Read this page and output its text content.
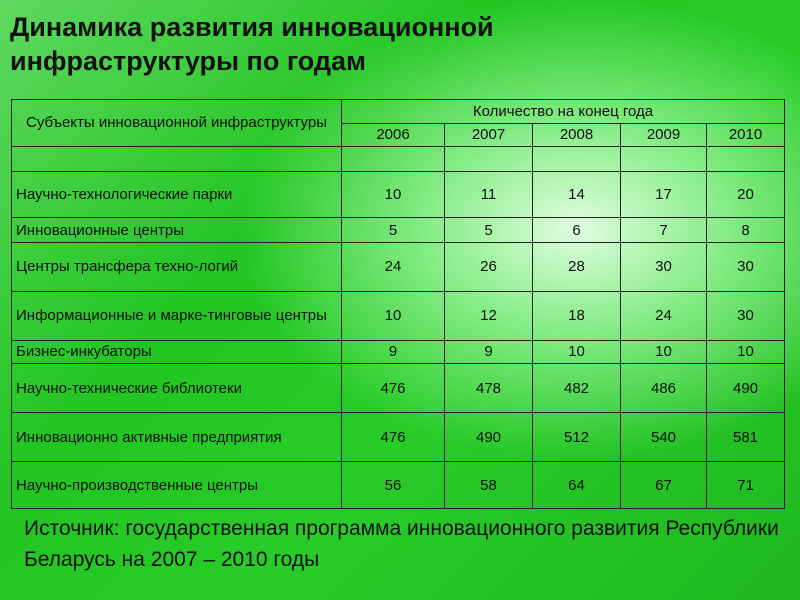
Динамика развития инновационной инфраструктуры по годам
Субъекты инновационной инфраструктуры	Количество на конец года				
	2006	2007	2008	2009	2010

Научно-технологические парки	10	11	14	17	20
Инновационные центры	5	5	6	7	8
Центры трансфера техно-логий	24	26	28	30	30
Информационные и марке-тинговые центры	10	12	18	24	30
Бизнес-инкубаторы	9	9	10	10	10
Научно-технические библиотеки	476	478	482	486	490
Инновационно активные предприятия	476	490	512	540	581
Научно-производственные центры	56	58	64	67	71
Источник: государственная программа инновационного развития Республики Беларусь на 2007 – 2010 годы
